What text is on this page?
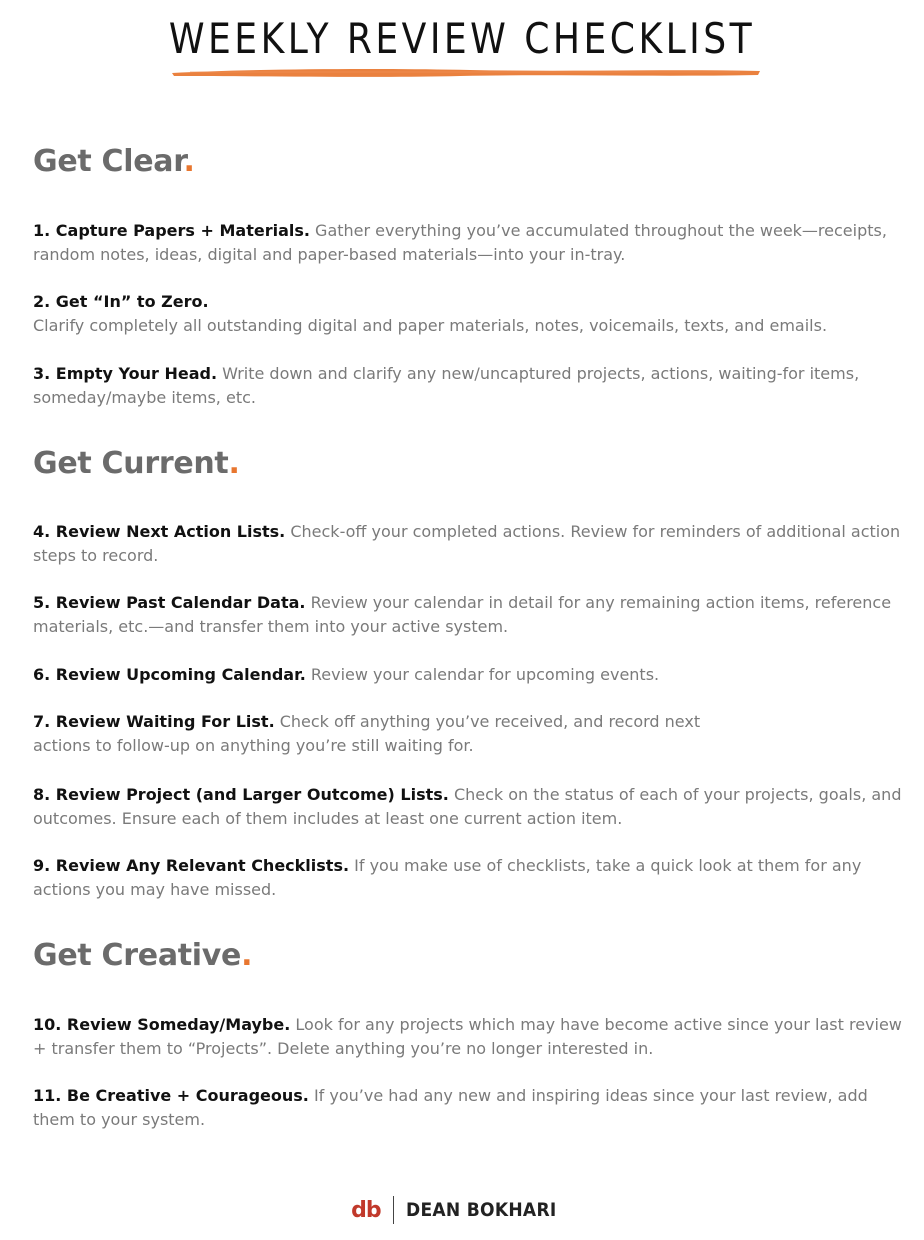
WEEKLY REVIEW CHECKLIST
Get Clear.

1. Capture Papers + Materials. Gather everything you’ve accumulated throughout the week—receipts, random notes, ideas, digital and paper-based materials—into your in-tray.

2. Get “In” to Zero.
Clarify completely all outstanding digital and paper materials, notes, voicemails, texts, and emails.

3. Empty Your Head. Write down and clarify any new/uncaptured projects, actions, waiting-for items, someday/maybe items, etc.

Get Current.

4. Review Next Action Lists. Check-off your completed actions. Review for reminders of additional action steps to record.

5. Review Past Calendar Data. Review your calendar in detail for any remaining action items, reference materials, etc.—and transfer them into your active system.

6. Review Upcoming Calendar. Review your calendar for upcoming events.

7. Review Waiting For List. Check off anything you’ve received, and record next
actions to follow-up on anything you’re still waiting for.

8. Review Project (and Larger Outcome) Lists. Check on the status of each of your projects, goals, and outcomes. Ensure each of them includes at least one current action item.

9. Review Any Relevant Checklists. If you make use of checklists, take a quick look at them for any actions you may have missed.

Get Creative.

10. Review Someday/Maybe. Look for any projects which may have become active since your last review + transfer them to “Projects”. Delete anything you’re no longer interested in.

11. Be Creative + Courageous. If you’ve had any new and inspiring ideas since your last review, add them to your system.

db DEAN BOKHARI
